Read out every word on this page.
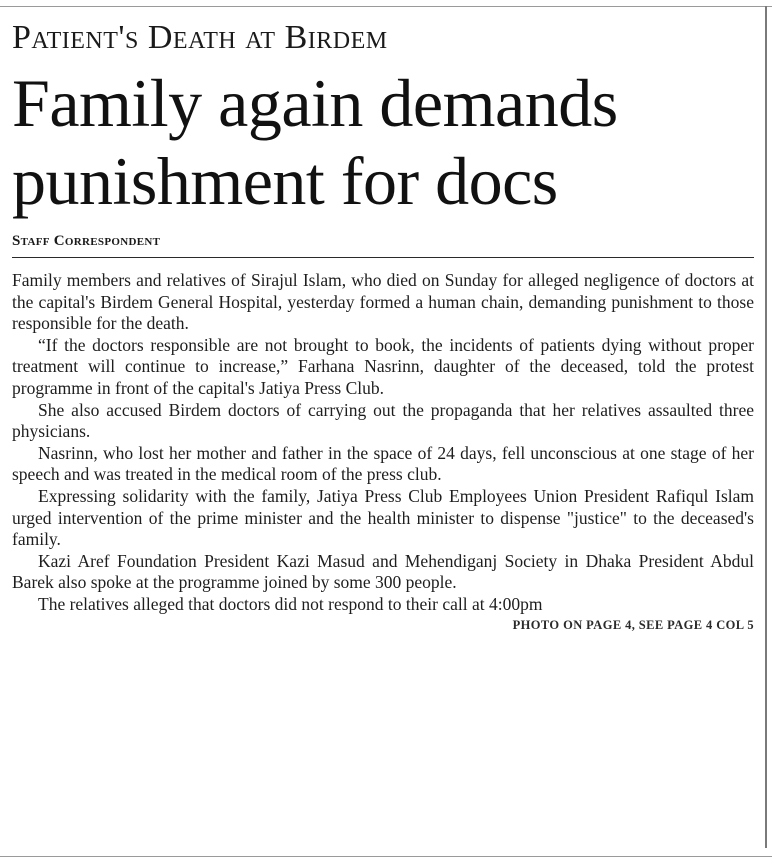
Patient's Death at Birdem
Family again demands punishment for docs
Staff Correspondent

Family members and relatives of Sirajul Islam, who died on Sunday for alleged negligence of doctors at the capital's Birdem General Hospital, yesterday formed a human chain, demanding punishment to those responsible for the death.

“If the doctors responsible are not brought to book, the incidents of patients dying without proper treatment will continue to increase,” Farhana Nasrinn, daughter of the deceased, told the protest programme in front of the capital's Jatiya Press Club.

She also accused Birdem doctors of carrying out the propaganda that her relatives assaulted three physicians.

Nasrinn, who lost her mother and father in the space of 24 days, fell unconscious at one stage of her speech and was treated in the medical room of the press club.

Expressing solidarity with the family, Jatiya Press Club Employees Union President Rafiqul Islam urged intervention of the prime minister and the health minister to dispense "justice" to the deceased's family.

Kazi Aref Foundation President Kazi Masud and Mehendiganj Society in Dhaka President Abdul Barek also spoke at the programme joined by some 300 people.

The relatives alleged that doctors did not respond to their call at 4:00pm

PHOTO ON PAGE 4, SEE PAGE 4 COL 5
